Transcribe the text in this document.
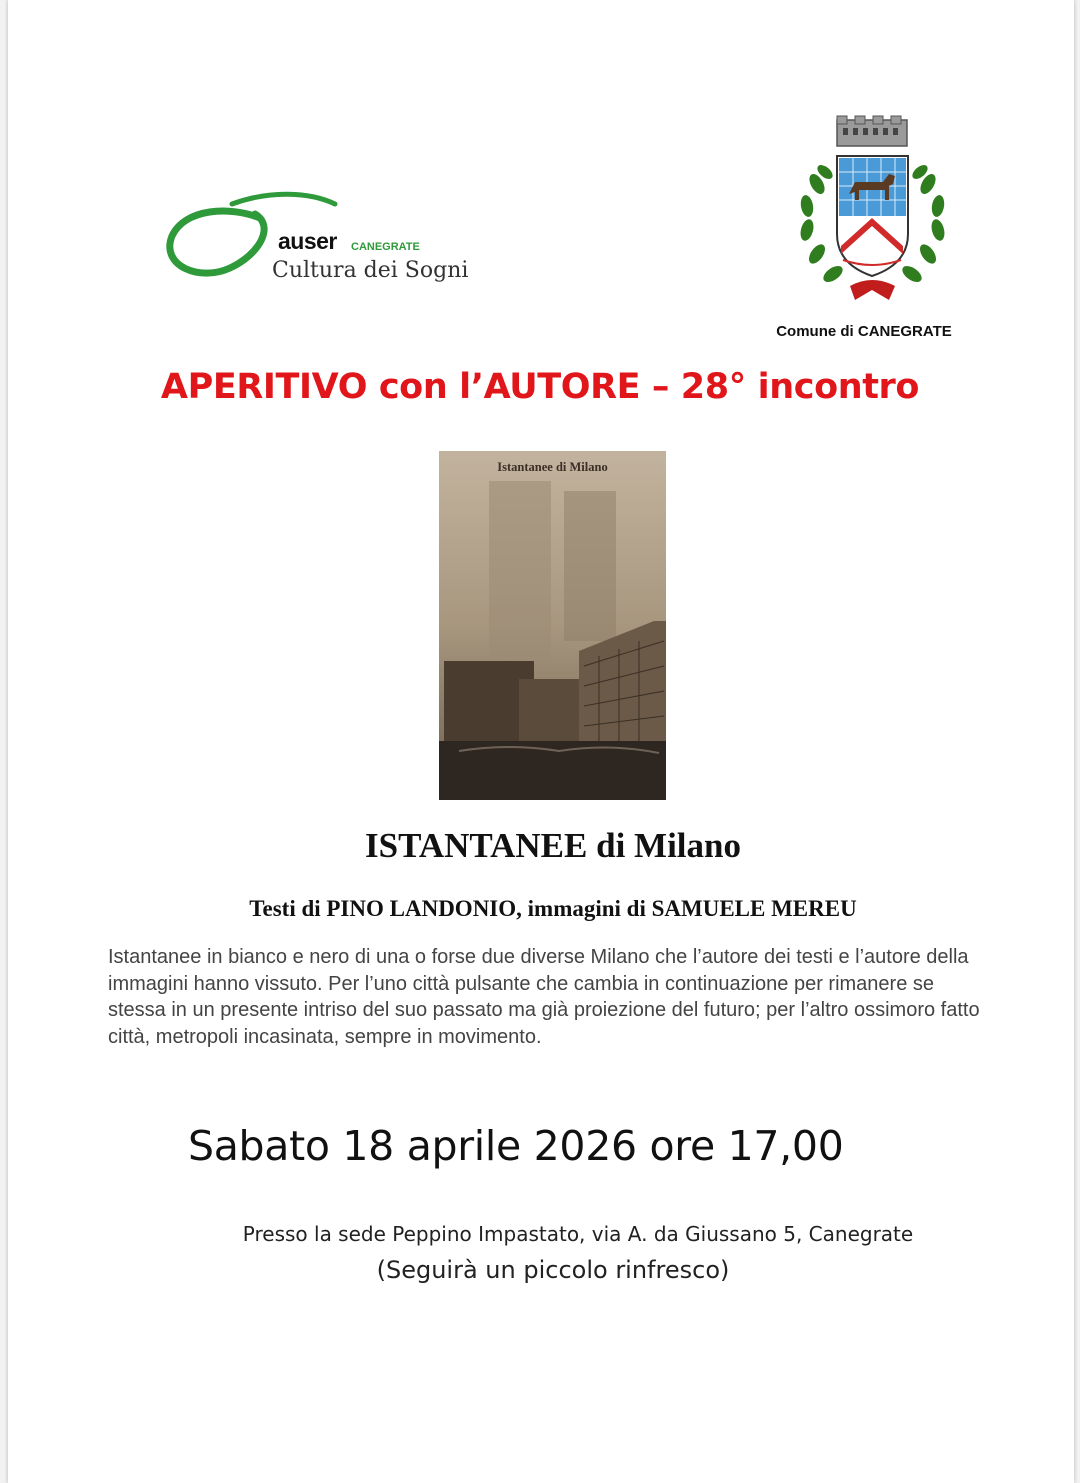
auser CANEGRATE
Cultura dei Sogni
Comune di CANEGRATE
APERITIVO con l’AUTORE – 28° incontro
Istantanee di Milano
ISTANTANEE di Milano
Testi di PINO LANDONIO, immagini di SAMUELE MEREU
Istantanee in bianco e nero di una o forse due diverse Milano che l’autore dei testi e l’autore della immagini hanno vissuto. Per l’uno città pulsante che cambia in continuazione per rimanere se stessa in un presente intriso del suo passato ma già proiezione del futuro; per l’altro ossimoro fatto città, metropoli incasinata, sempre in movimento.
Sabato 18 aprile 2026 ore 17,00
Presso la sede Peppino Impastato, via A. da Giussano 5, Canegrate
(Seguirà un piccolo rinfresco)
